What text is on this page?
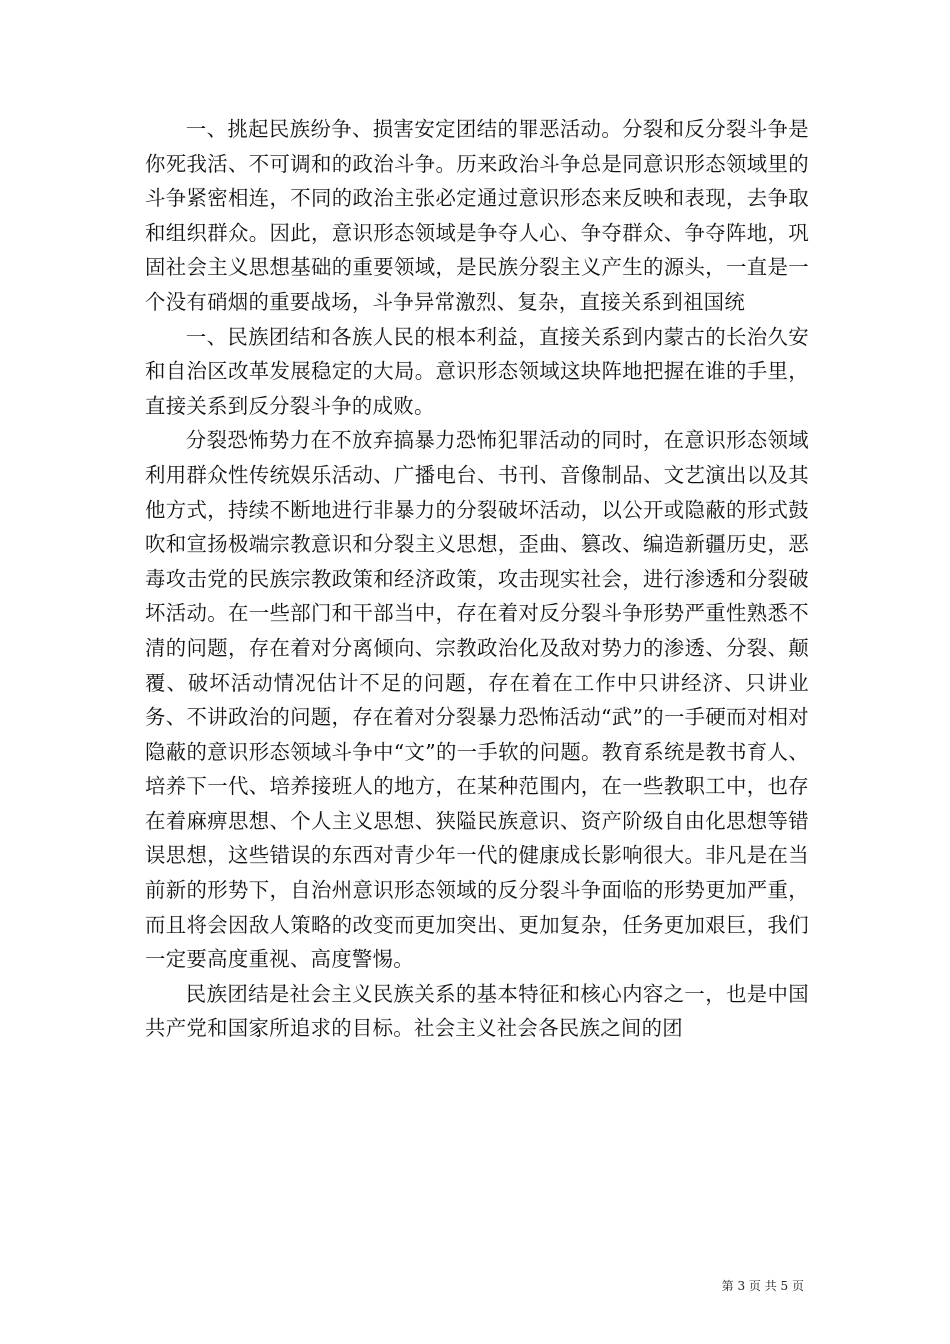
一、挑起民族纷争、损害安定团结的罪恶活动。分裂和反分裂斗争是你死我活、不可调和的政治斗争。历来政治斗争总是同意识形态领域里的斗争紧密相连，不同的政治主张必定通过意识形态来反映和表现，去争取和组织群众。因此，意识形态领域是争夺人心、争夺群众、争夺阵地，巩固社会主义思想基础的重要领域，是民族分裂主义产生的源头，一直是一个没有硝烟的重要战场，斗争异常激烈、复杂，直接关系到祖国统

一、民族团结和各族人民的根本利益，直接关系到内蒙古的长治久安和自治区改革发展稳定的大局。意识形态领域这块阵地把握在谁的手里，直接关系到反分裂斗争的成败。

分裂恐怖势力在不放弃搞暴力恐怖犯罪活动的同时，在意识形态领域利用群众性传统娱乐活动、广播电台、书刊、音像制品、文艺演出以及其他方式，持续不断地进行非暴力的分裂破坏活动，以公开或隐蔽的形式鼓吹和宣扬极端宗教意识和分裂主义思想，歪曲、篡改、编造新疆历史，恶毒攻击党的民族宗教政策和经济政策，攻击现实社会，进行渗透和分裂破坏活动。在一些部门和干部当中，存在着对反分裂斗争形势严重性熟悉不清的问题，存在着对分离倾向、宗教政治化及敌对势力的渗透、分裂、颠覆、破坏活动情况估计不足的问题，存在着在工作中只讲经济、只讲业务、不讲政治的问题，存在着对分裂暴力恐怖活动“武”的一手硬而对相对隐蔽的意识形态领域斗争中“文”的一手软的问题。教育系统是教书育人、培养下一代、培养接班人的地方，在某种范围内，在一些教职工中，也存在着麻痹思想、个人主义思想、狭隘民族意识、资产阶级自由化思想等错误思想，这些错误的东西对青少年一代的健康成长影响很大。非凡是在当前新的形势下，自治州意识形态领域的反分裂斗争面临的形势更加严重，而且将会因敌人策略的改变而更加突出、更加复杂，任务更加艰巨，我们一定要高度重视、高度警惕。

民族团结是社会主义民族关系的基本特征和核心内容之一，也是中国共产党和国家所追求的目标。社会主义社会各民族之间的团

第 3 页 共 5 页
